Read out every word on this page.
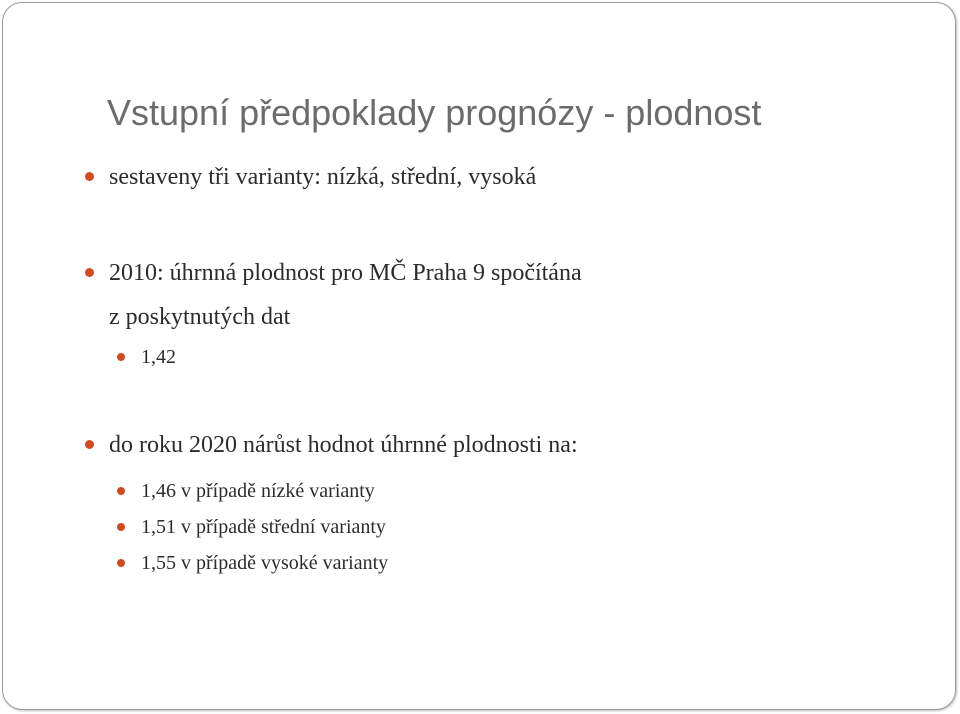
Vstupní předpoklady prognózy - plodnost
sestaveny tři varianty: nízká, střední, vysoká
2010: úhrnná plodnost pro MČ Praha 9 spočítána
z poskytnutých dat
1,42
do roku 2020 nárůst hodnot úhrnné plodnosti na:
1,46 v případě nízké varianty
1,51 v případě střední varianty
1,55 v případě vysoké varianty
